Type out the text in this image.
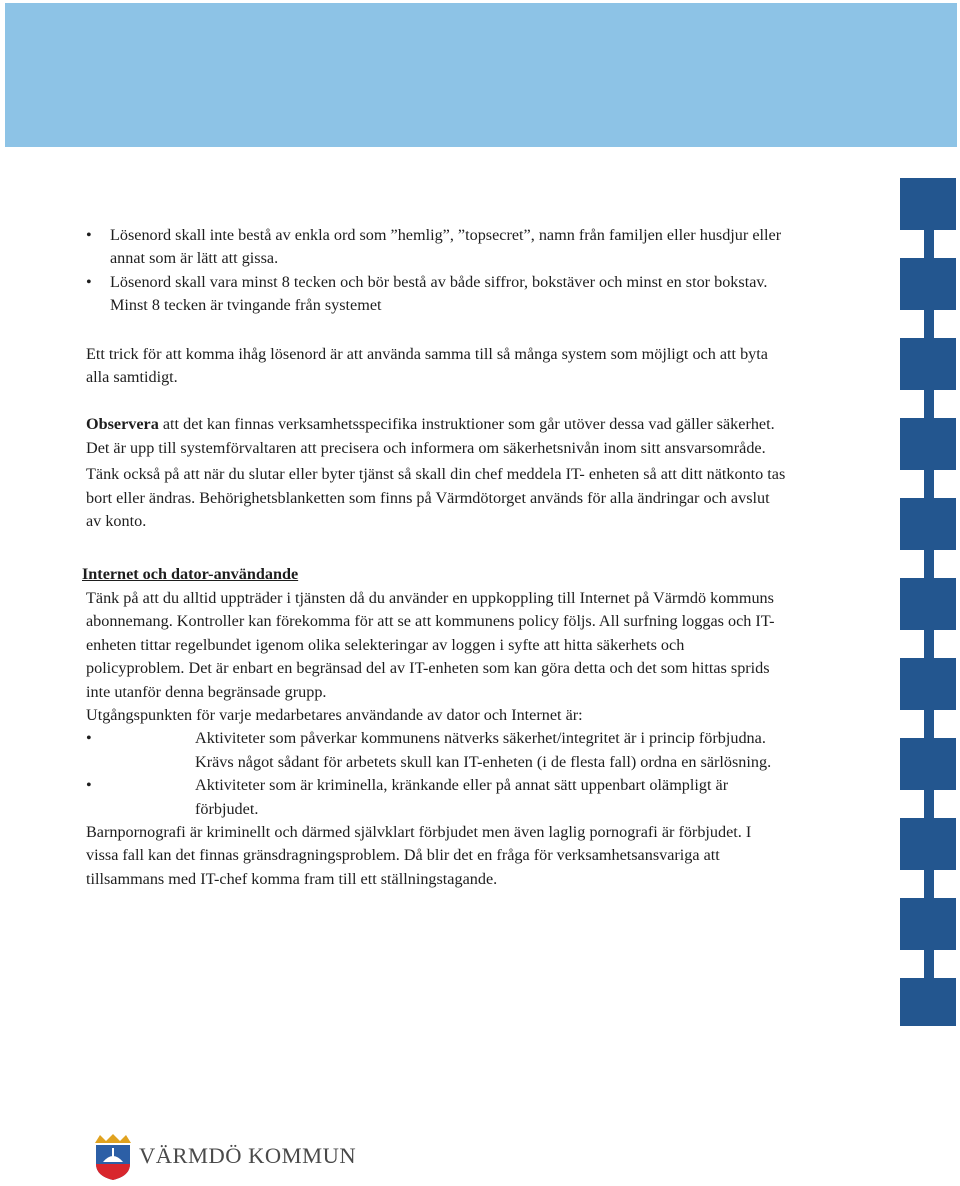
• Lösenord skall inte bestå av enkla ord som ”hemlig”, ”topsecret”, namn från familjen eller husdjur eller annat som är lätt att gissa.
• Lösenord skall vara minst 8 tecken och bör bestå av både siffror, bokstäver och minst en stor bokstav. Minst 8 tecken är tvingande från systemet

Ett trick för att komma ihåg lösenord är att använda samma till så många system som möjligt och att byta alla samtidigt.

Observera att det kan finnas verksamhetsspecifika instruktioner som går utöver dessa vad gäller säkerhet. Det är upp till systemförvaltaren att precisera och informera om säkerhetsnivån inom sitt ansvarsområde.

Tänk också på att när du slutar eller byter tjänst så skall din chef meddela IT- enheten så att ditt nätkonto tas bort eller ändras. Behörighetsblanketten som finns på Värmdötorget används för alla ändringar och avslut av konto.

Internet och dator-användande

Tänk på att du alltid uppträder i tjänsten då du använder en uppkoppling till Internet på Värmdö kommuns abonnemang. Kontroller kan förekomma för att se att kommunens policy följs. All surfning loggas och IT-enheten tittar regelbundet igenom olika selekteringar av loggen i syfte att hitta säkerhets och policyproblem. Det är enbart en begränsad del av IT-enheten som kan göra detta och det som hittas sprids inte utanför denna begränsade grupp.

Utgångspunkten för varje medarbetares användande av dator och Internet är:

•	Aktiviteter som påverkar kommunens nätverks säkerhet/integritet är i princip förbjudna. Krävs något sådant för arbetets skull kan IT-enheten (i de flesta fall) ordna en särlösning.
•	Aktiviteter som är kriminella, kränkande eller på annat sätt uppenbart olämpligt är förbjudet.

Barnpornografi är kriminellt och därmed självklart förbjudet men även laglig pornografi är förbjudet. I vissa fall kan det finnas gränsdragningsproblem. Då blir det en fråga för verksamhetsansvariga att tillsammans med IT-chef komma fram till ett ställningstagande.

VÄRMDÖ KOMMUN
